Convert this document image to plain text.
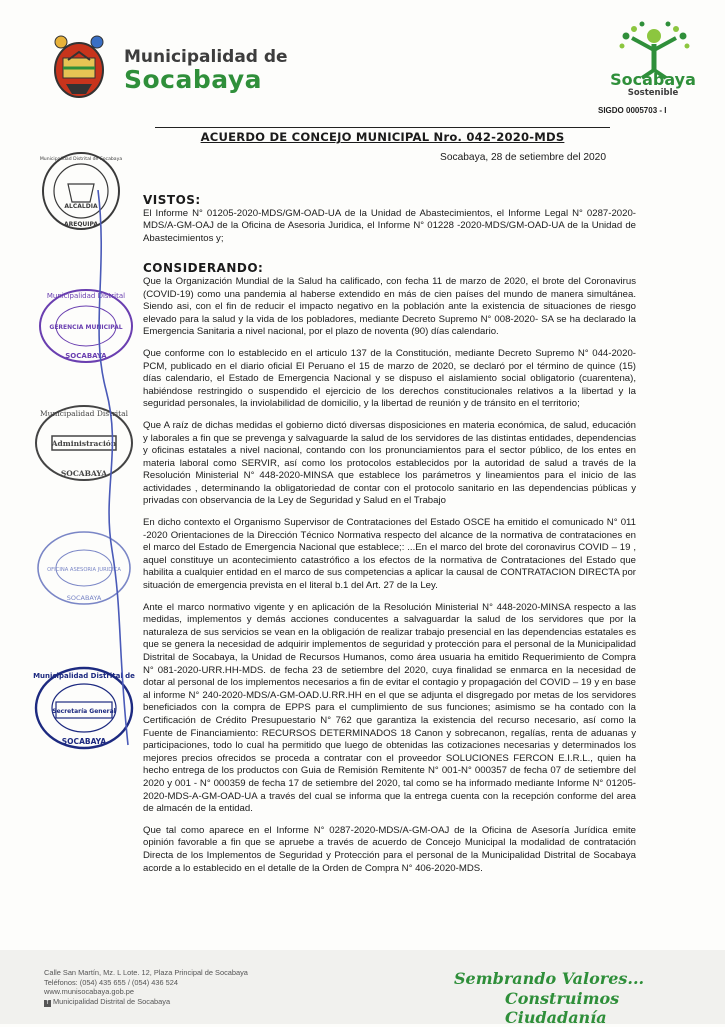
Municipalidad de
Socabaya	Socabaya
Sostenible
SIGDO 0005703 - I
ACUERDO DE CONCEJO MUNICIPAL Nro. 042-2020-MDS
Socabaya, 28 de setiembre del 2020
ALCALDIA
AREQUIPA
Municipalidad Distrital de Socabaya
Municipalidad Distrital
GERENCIA MUNICIPAL
SOCABAYA
Municipalidad Distrital
Administración
SOCABAYA
OFICINA ASESORIA JURIDICA
SOCABAYA
Municipalidad Distrital de
Secretaría General
SOCABAYA
VISTOS:

El Informe N° 01205-2020-MDS/GM-OAD-UA de la Unidad de Abastecimientos, el Informe Legal N° 0287-2020-MDS/A-GM-OAJ de la Oficina de Asesoria Juridica, el Informe N° 01228 -2020-MDS/GM-OAD-UA de la Unidad de Abastecimientos y;

CONSIDERANDO:

Que la Organización Mundial de la Salud ha calificado, con fecha 11 de marzo de 2020, el brote del Coronavirus (COVID-19) como una pandemia al haberse extendido en más de cien países del mundo de manera simultánea. Siendo asi, con el fin de reducir el impacto negativo en la población ante la existencia de situaciones de riesgo elevado para la salud y la vida de los pobladores, mediante Decreto Supremo N° 008-2020- SA se ha declarado la Emergencia Sanitaria a nivel nacional, por el plazo de noventa (90) días calendario.

Que conforme con lo establecido en el articulo 137 de la Constitución, mediante Decreto Supremo N° 044-2020-PCM, publicado en el diario oficial El Peruano el 15 de marzo de 2020, se declaró por el término de quince (15) días calendario, el Estado de Emergencia Nacional y se dispuso el aislamiento social obligatorio (cuarentena), habiéndose restringido o suspendido el ejercicio de los derechos constitucionales relativos a la libertad y la seguridad personales, la inviolabilidad de domicilio, y la libertad de reunión y de tránsito en el territorio;

Que A raíz de dichas medidas el gobierno dictó diversas disposiciones en materia económica, de salud, educación y laborales a fin que se prevenga y salvaguarde la salud de los servidores de las distintas entidades, dependencias y oficinas estatales a nivel nacional, contando con los pronunciamientos para el sector público, de los entes en materia laboral como SERVIR, así como los protocolos establecidos por la autoridad de salud a través de la Resolución Ministerial N° 448-2020-MINSA que establece los parámetros y lineamientos para el inicio de las actividades , determinando la obligatoriedad de contar con el protocolo sanitario en las dependencias públicas y privadas con observancia de la Ley de Seguridad y Salud en el Trabajo

En dicho contexto el Organismo Supervisor de Contrataciones del Estado OSCE ha emitido el comunicado N° 011 -2020 Orientaciones de la Dirección Técnico Normativa respecto del alcance de la normativa de contrataciones en el marco del Estado de Emergencia Nacional que establece;: ...En el marco del brote del coronavirus COVID – 19 , aquel constituye un acontecimiento catastrófico a los efectos de la normativa de Contrataciones del Estado que habilita a cualquier entidad en el marco de sus competencias a aplicar la causal de CONTRATACION DIRECTA por situación de emergencia prevista en el literal b.1 del Art. 27 de la Ley.

Ante el marco normativo vigente y en aplicación de la Resolución Ministerial N° 448-2020-MINSA respecto a las medidas, implementos y demás acciones conducentes a salvaguardar la salud de los servidores que por la naturaleza de sus servicios se vean en la obligación de realizar trabajo presencial en las dependencias estatales es que se genera la necesidad de adquirir implementos de seguridad y protección para el personal de la Municipalidad Distrital de Socabaya, la Unidad de Recursos Humanos, como área usuaria ha emitido Requerimiento de Compra N° 081-2020-URR.HH-MDS. de fecha 23 de setiembre del 2020, cuya finalidad se enmarca en la necesidad de dotar al personal de los implementos necesarios a fin de evitar el contagio y propagación del COVID – 19 y en base al informe N° 240-2020-MDS/A-GM-OAD.U.RR.HH en el que se adjunta el disgregado por metas de los servidores beneficiados con la compra de EPPS para el cumplimiento de sus funciones; asimismo se ha contado con la Certificación de Crédito Presupuestario N° 762 que garantiza la existencia del recurso necesario, así como la Fuente de Financiamiento: RECURSOS DETERMINADOS 18 Canon y sobrecanon, regalías, renta de aduanas y participaciones, todo lo cual ha permitido que luego de obtenidas las cotizaciones necesarias y determinados los mejores precios ofrecidos se proceda a contratar con el proveedor SOLUCIONES FERCON E.I.R.L., quien ha hecho entrega de los productos con Guia de Remisión Remitente N° 001-N° 000357 de fecha 07 de setiembre del 2020 y 001 - N° 000359 de fecha 17 de setiembre del 2020, tal como se ha informado mediante Informe N° 01205-2020-MDS-A-GM-OAD-UA a través del cual se informa que la entrega cuenta con la recepción conforme del area de almacén de la entidad.

Que tal como aparece en el Informe N° 0287-2020-MDS/A-GM-OAJ de la Oficina de Asesoría Jurídica emite opinión favorable a fin que se apruebe a través de acuerdo de Concejo Municipal la modalidad de contratación Directa de los Implementos de Seguridad y Protección para el personal de la Municipalidad Distrital de Socabaya acorde a lo establecido en el detalle de la Orden de Compra N° 406-2020-MDS.

Calle San Martín, Mz. L Lote. 12, Plaza Principal de Socabaya
Teléfonos: (054) 435 655 / (054) 436 524
www.munisocabaya.gob.pe
f Municipalidad Distrital de Socabaya
Sembrando Valores...
Construimos Ciudadanía
